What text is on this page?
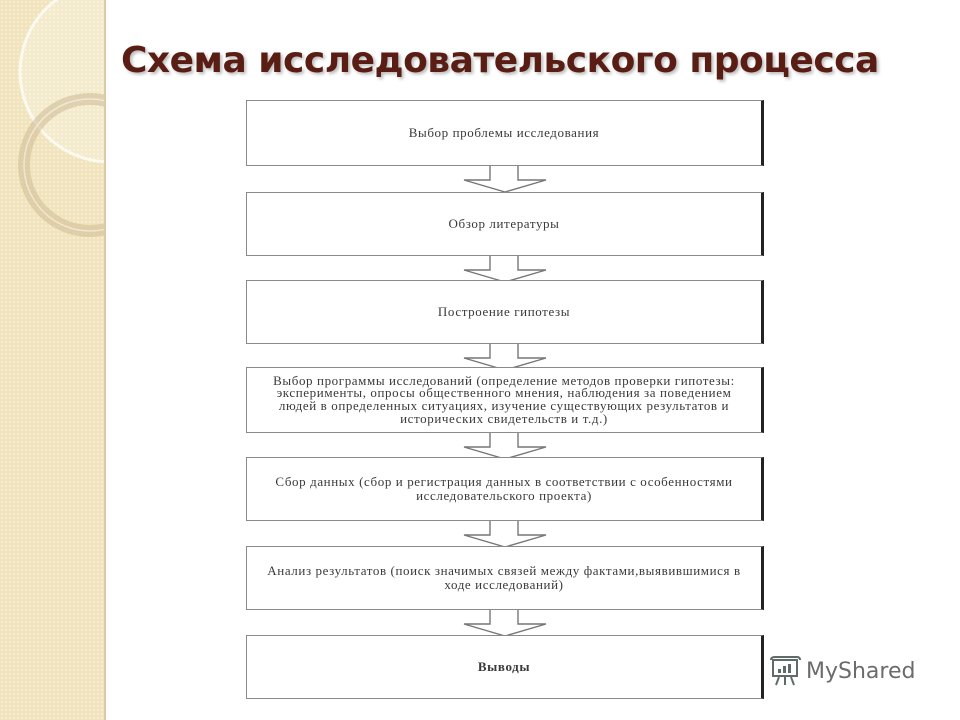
Схема исследовательского процесса
Выбор проблемы исследования
Обзор литературы
Построение гипотезы
Выбор программы исследований (определение методов проверки гипотезы: эксперименты, опросы общественного мнения, наблюдения за поведением людей в определенных ситуациях, изучение существующих результатов и исторических свидетельств и т.д.)
Сбор данных (сбор и регистрация данных в соответствии с особенностями исследовательского проекта)
Анализ результатов (поиск значимых связей между фактами,выявившимися в ходе исследований)
Выводы	MyShared
